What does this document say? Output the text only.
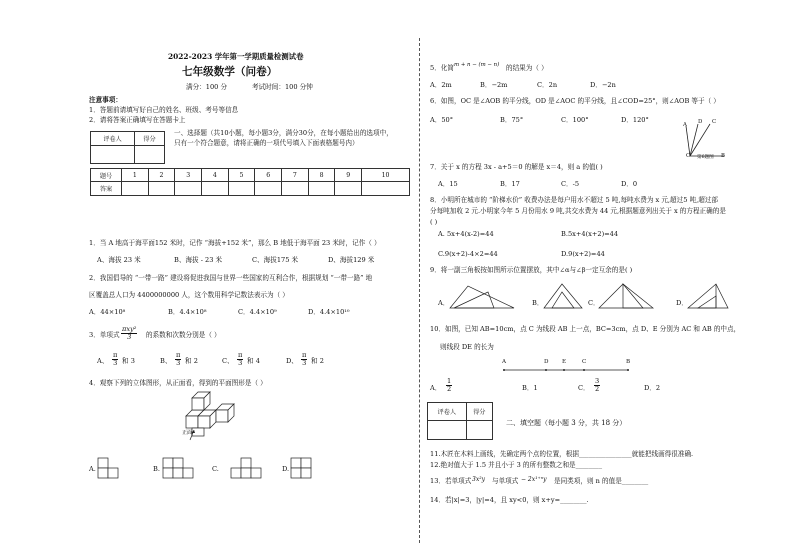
2022-2023 学年第一学期质量检测试卷
七年级数学（问卷）
满分：100 分	考试时间：100 分钟
注意事项：
1．答题前请填写好自己的姓名、班级、考号等信息
2．请将答案正确填写在答题卡上
评卷人	得分

一、选择题（共10小题，每小题3分，满分30分，在每小题给出的选项中，
只有一个符合题意，请将正确的一项代号填入下面表格题号内）
题号	1	2	3	4	5	6	7	8	9	10
答案										
1．当 A 地高于海平面152 米时，记作 “海拔+152 米”，那么 B 地低于海平面 23 米时，记作（ ）
A、海拔 23 米	B、海拔 - 23 米	C、海拔175 米	D、海拔129 米
2．我国倡导的 “一带一路” 建设将促进我国与世界一些国家的互利合作，根据规划 “一带一路” 地
区覆盖总人口为 4400000000 人，这个数用科学记数法表示为（ ）
A．44×10⁸	B．4.4×10⁸	C．4.4×10⁹	D．4.4×10¹⁰
3．单项式
πxy²
3	的系数和次数分别是（ ）
A、 $\frac{\pi}{3}$ 和 3	B、 $\frac{\pi}{3}$ 和 2	C、 $\frac{\pi}{3}$ 和 4	D、 $\frac{\pi}{3}$ 和 2
4．观察下列的立体图形，从正面看，得到的平面图形是（ ）
正面
A.	B.	C.	D.
5．化简 m + n − (m − n) 的结果为（ ）
A．2m	B．−2m	C．2n	D．−2n
6．如图，OC 是∠AOB 的平分线，OD 是∠AOC 的平分线，且∠COD=25°，则∠AOB 等于（ ）
A．50°	B．75°	C．100°	D．120°
A D C
O	B
第6题图
7．关于 x 的方程 3x - a+5＝0 的解是 x＝4，则 a 的值( )
A．15	B．17	C．-5	D．0
8．小明所在城市的 “阶梯水价” 收费办法是每户用水不超过 5 吨,每吨水费为 x 元,超过5 吨,超过部
分每吨加收 2 元.小明家今年 5 月份用水 9 吨,共交水费为 44 元,根据题意列出关于 x 的方程正确的是
( )
A. 5x+4(x-2)=44	B.5x+4(x+2)=44
C.9(x+2)-4×2=44	D.9(x+2)=44
9．将一副三角板按如图所示位置摆放，其中∠α与∠β一定互余的是( )
A．	B．	C．	D．
10．如图，已知 AB=10cm，点 C 为线段 AB 上一点，BC=3cm，点 D、E 分别为 AC 和 AB 的中点，
则线段 DE 的长为
A	D E	C	B
A． $\frac{1}{2}$	B．1	C． $\frac{3}{2}$	D．2
评卷人	得分

二、填空题（每小题 3 分，共 18 分）
11.木匠在木料上画线，先确定两个点的位置，根据________________就能把线画得很准确.
12.绝对值大于 1.5 并且小于 3 的所有整数之和是________
13．若单项式 3x²y 与单项式 − 2x¹⁺ⁿy 是同类项，则 n 的值是________
14．若|x|=3，|y|=4，且 xy<0，则 x+y=________.
